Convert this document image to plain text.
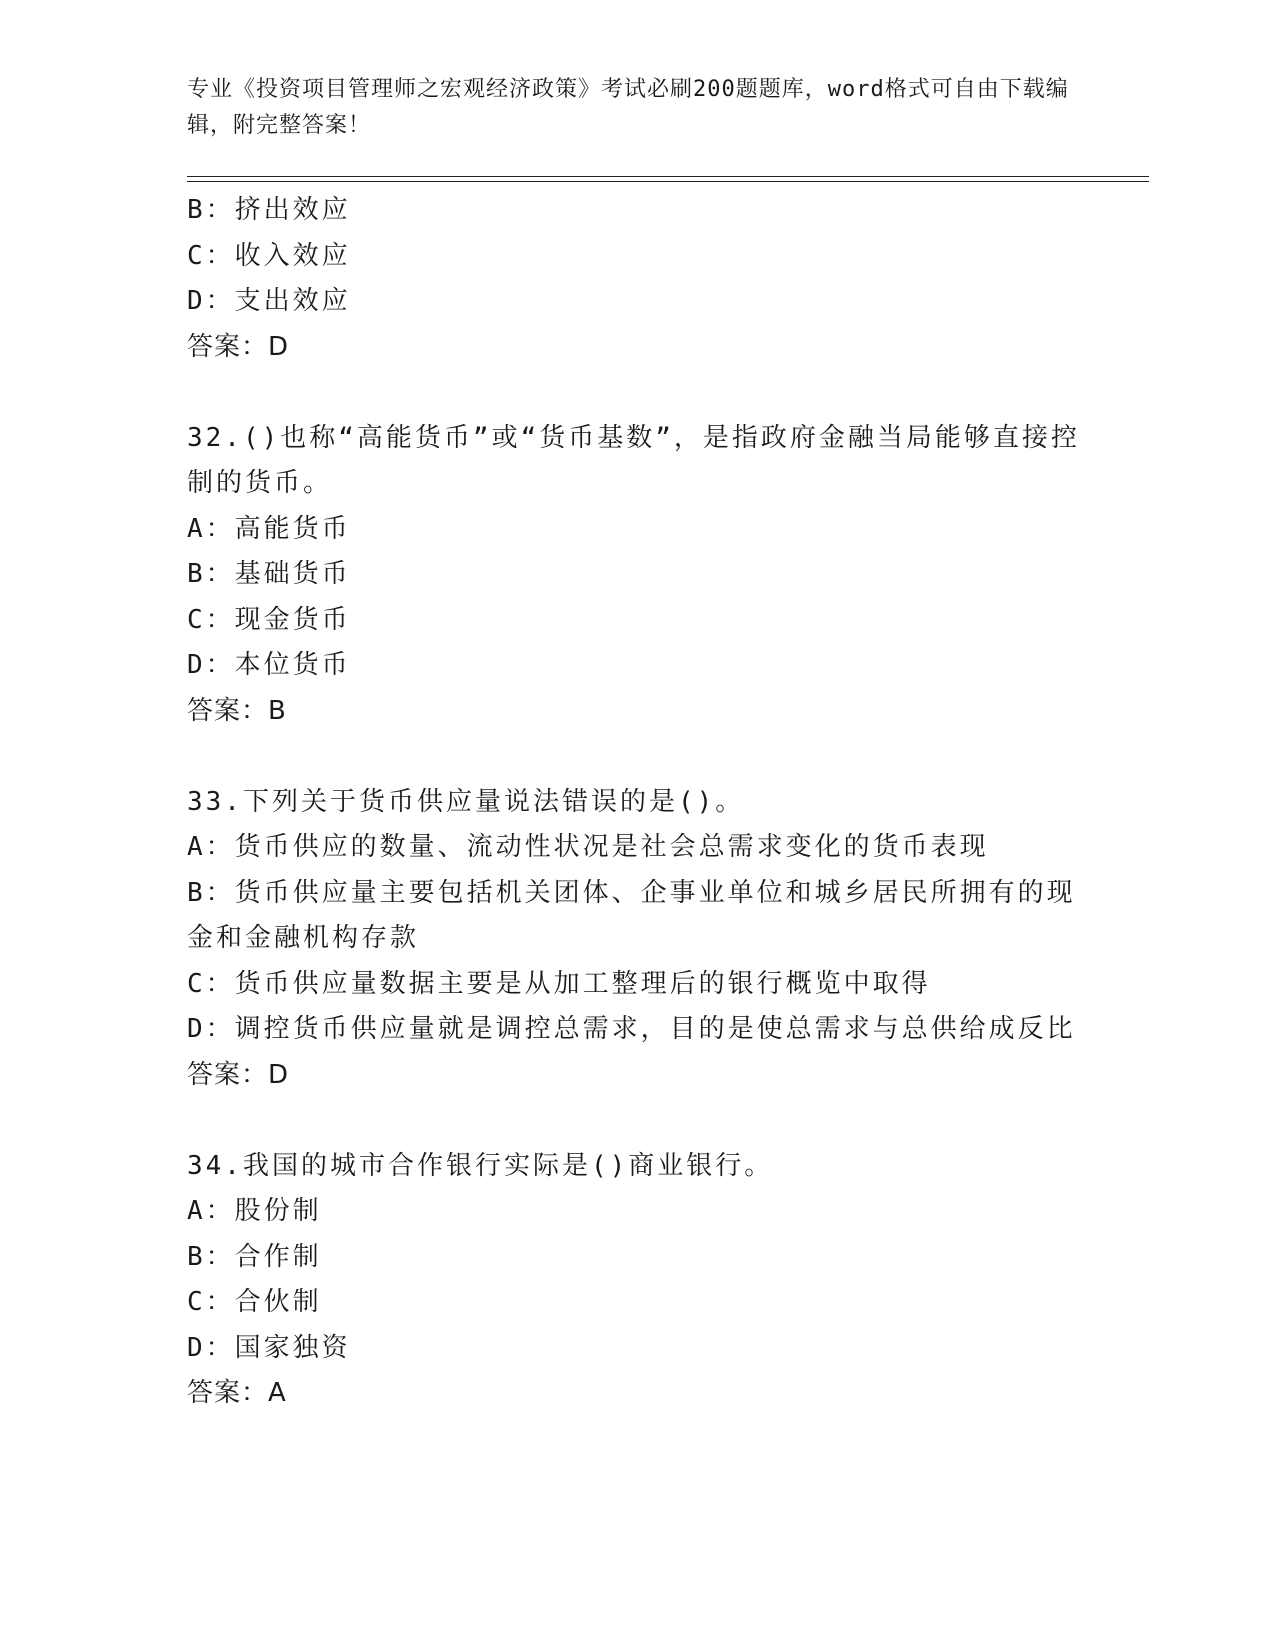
专业《投资项目管理师之宏观经济政策》考试必刷200题题库，word格式可自由下载编辑，附完整答案！
B：挤出效应
C：收入效应
D：支出效应
答案：D
32.()也称“高能货币”或“货币基数”，是指政府金融当局能够直接控制的货币。
A：高能货币
B：基础货币
C：现金货币
D：本位货币
答案：B
33.下列关于货币供应量说法错误的是()。
A：货币供应的数量、流动性状况是社会总需求变化的货币表现
B：货币供应量主要包括机关团体、企事业单位和城乡居民所拥有的现金和金融机构存款
C：货币供应量数据主要是从加工整理后的银行概览中取得
D：调控货币供应量就是调控总需求，目的是使总需求与总供给成反比
答案：D
34.我国的城市合作银行实际是()商业银行。
A：股份制
B：合作制
C：合伙制
D：国家独资
答案：A
